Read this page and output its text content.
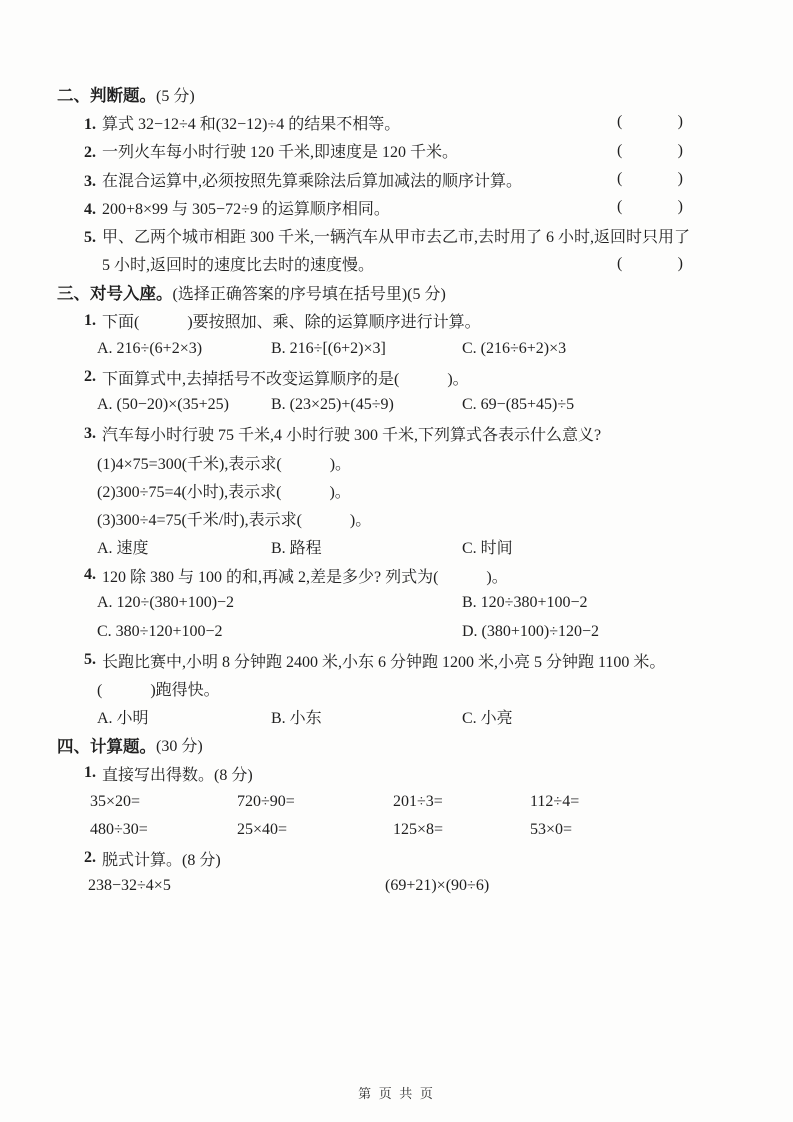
二、判断题。 (5 分)
1. 算式 32−12÷4 和(32−12)÷4 的结果不相等。	(	)
2. 一列火车每小时行驶 120 千米,即速度是 120 千米。	(	)
3. 在混合运算中,必须按照先算乘除法后算加减法的顺序计算。	(	)
4. 200+8×99 与 305−72÷9 的运算顺序相同。	(	)
5. 甲、乙两个城市相距 300 千米,一辆汽车从甲市去乙市,去时用了 6 小时,返回时只用了
5 小时,返回时的速度比去时的速度慢。	(	)
三、对号入座。 (选择正确答案的序号填在括号里)(5 分)
1. 下面(　　　)要按照加、乘、除的运算顺序进行计算。
A. 216÷(6+2×3)	B. 216÷[(6+2)×3]	C. (216÷6+2)×3
2. 下面算式中,去掉括号不改变运算顺序的是(　　　)。
A. (50−20)×(35+25)	B. (23×25)+(45÷9)	C. 69−(85+45)÷5
3. 汽车每小时行驶 75 千米,4 小时行驶 300 千米,下列算式各表示什么意义?
(1)4×75=300(千米),表示求(　　　)。
(2)300÷75=4(小时),表示求(　　　)。
(3)300÷4=75(千米/时),表示求(　　　)。
A. 速度	B. 路程	C. 时间
4. 120 除 380 与 100 的和,再减 2,差是多少? 列式为(　　　)。
A. 120÷(380+100)−2	B. 120÷380+100−2
C. 380÷120+100−2	D. (380+100)÷120−2
5. 长跑比赛中,小明 8 分钟跑 2400 米,小东 6 分钟跑 1200 米,小亮 5 分钟跑 1100 米。
(　　　)跑得快。
A. 小明	B. 小东	C. 小亮
四、计算题。 (30 分)
1. 直接写出得数。(8 分)
35×20=	720÷90=	201÷3=	112÷4=
480÷30=	25×40=	125×8=	53×0=
2. 脱式计算。(8 分)
238−32÷4×5	(69+21)×(90÷6)
第 页 共 页
